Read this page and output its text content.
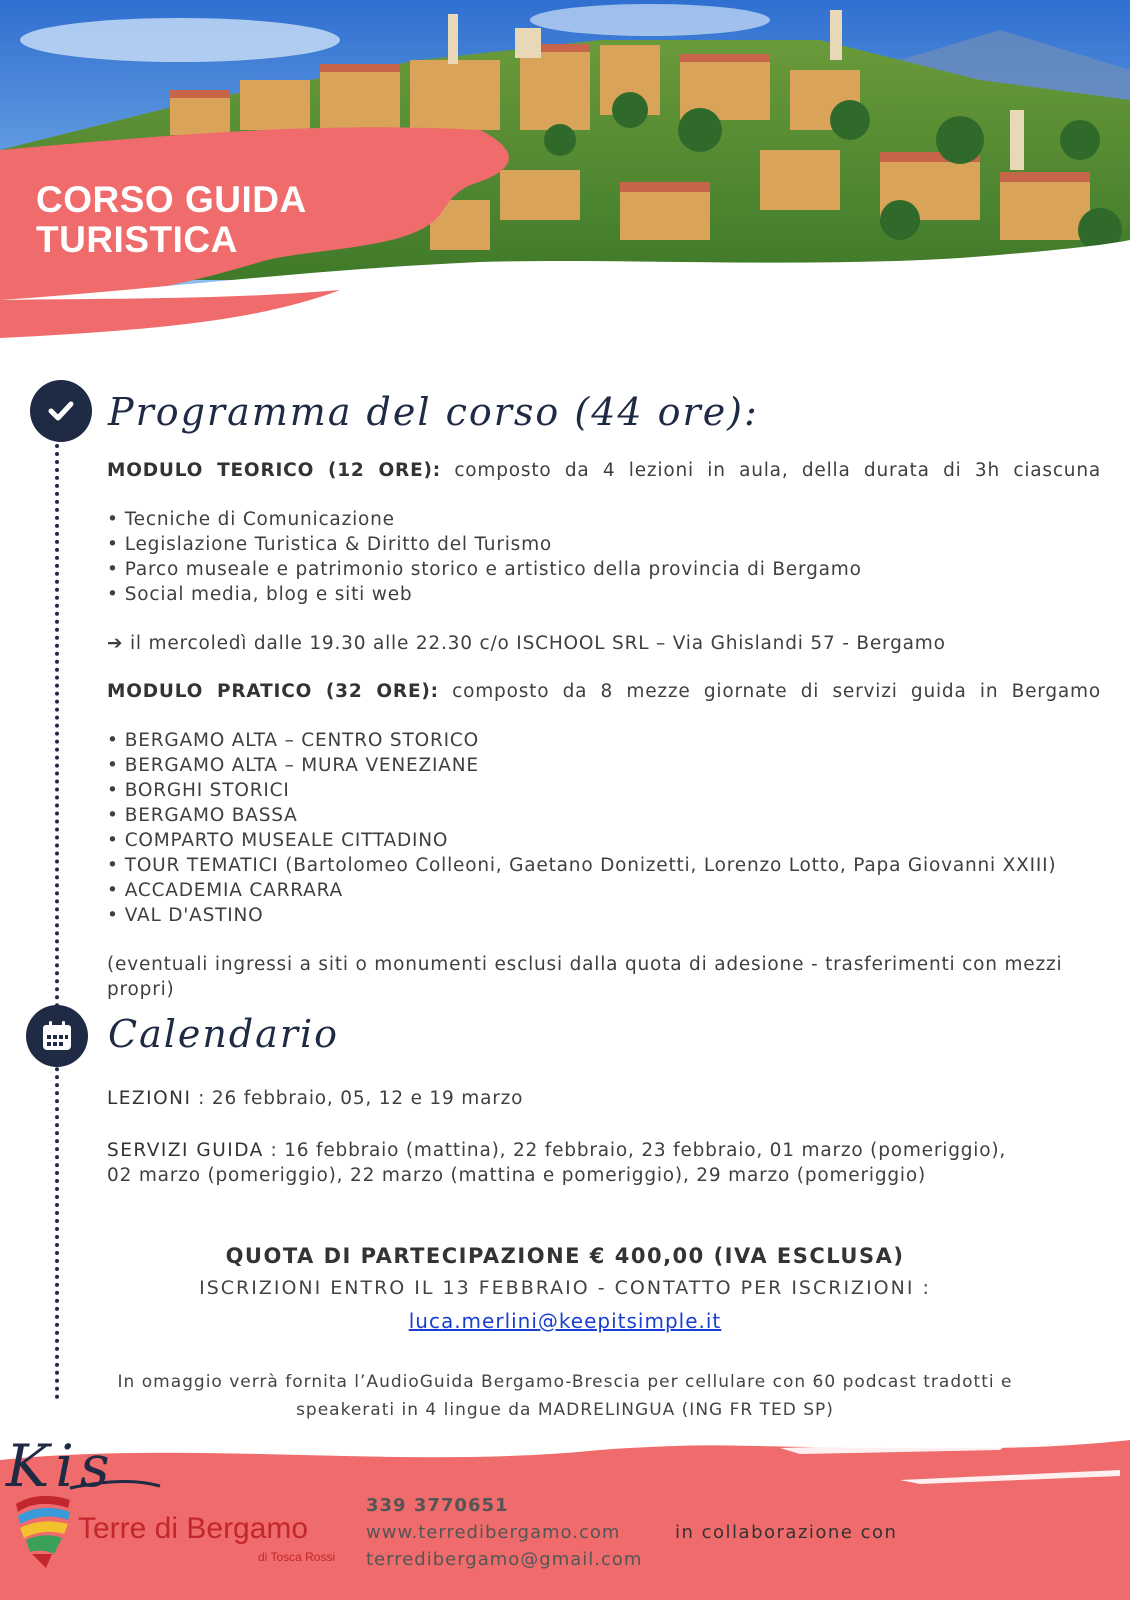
CORSO GUIDA
TURISTICA
Programma del corso (44 ore):
MODULO TEORICO (12 ORE): composto da 4 lezioni in aula, della durata di 3h ciascuna
• Tecniche di Comunicazione
• Legislazione Turistica & Diritto del Turismo
• Parco museale e patrimonio storico e artistico della provincia di Bergamo
• Social media, blog e siti web
➔ il mercoledì dalle 19.30 alle 22.30 c/o ISCHOOL SRL – Via Ghislandi 57 - Bergamo
MODULO PRATICO (32 ORE): composto da 8 mezze giornate di servizi guida in Bergamo
• BERGAMO ALTA – CENTRO STORICO
• BERGAMO ALTA – MURA VENEZIANE
• BORGHI STORICI
• BERGAMO BASSA
• COMPARTO MUSEALE CITTADINO
• TOUR TEMATICI (Bartolomeo Colleoni, Gaetano Donizetti, Lorenzo Lotto, Papa Giovanni XXIII)
• ACCADEMIA CARRARA
• VAL D'ASTINO
(eventuali ingressi a siti o monumenti esclusi dalla quota di adesione - trasferimenti con mezzi propri)
Calendario
LEZIONI : 26 febbraio, 05, 12 e 19 marzo
SERVIZI GUIDA : 16 febbraio (mattina), 22 febbraio, 23 febbraio, 01 marzo (pomeriggio),
02 marzo (pomeriggio), 22 marzo (mattina e pomeriggio), 29 marzo (pomeriggio)
QUOTA DI PARTECIPAZIONE € 400,00 (IVA ESCLUSA)
ISCRIZIONI ENTRO IL 13 FEBBRAIO - CONTATTO PER ISCRIZIONI :
luca.merlini@keepitsimple.it
In omaggio verrà fornita l’AudioGuida Bergamo-Brescia per cellulare con 60 podcast tradotti e
speakerati in 4 lingue da MADRELINGUA (ING FR TED SP)
Terre di Bergamo
di Tosca Rossi
339 3770651
www.terredibergamo.com
terredibergamo@gmail.com
in collaborazione con
Kis
